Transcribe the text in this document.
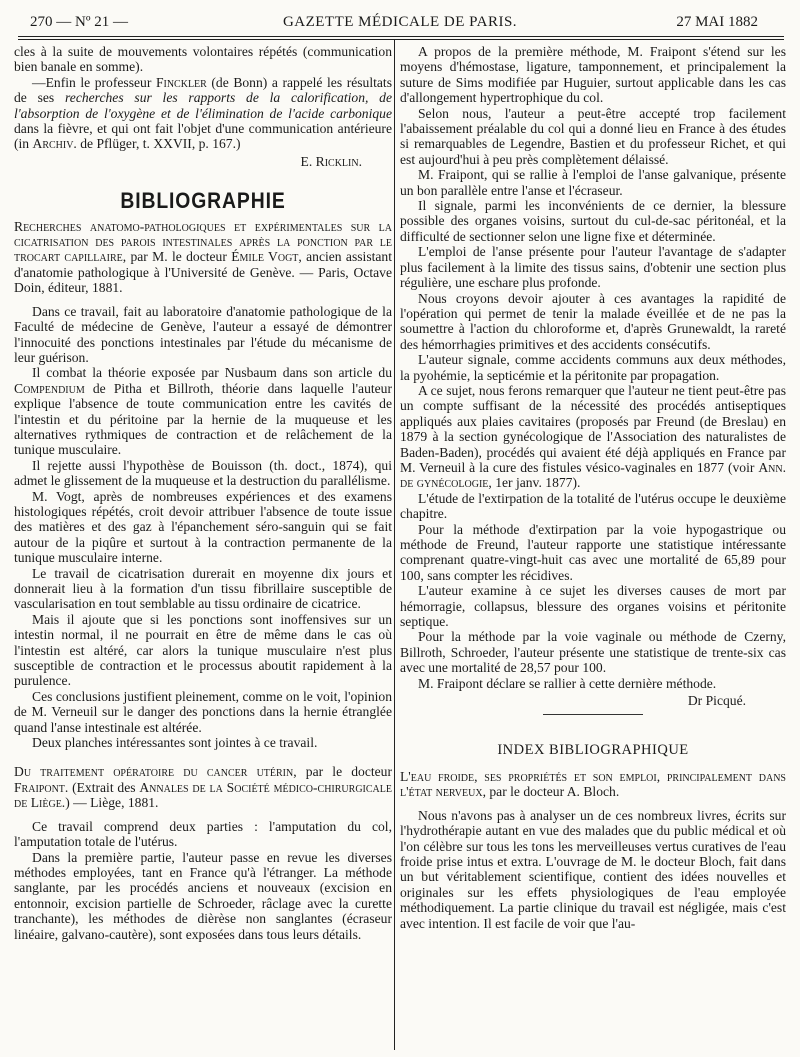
270 — Nº 21 —	GAZETTE MÉDICALE DE PARIS.	27 MAI 1882

cles à la suite de mouvements volontaires répétés (communication bien banale en somme).

—Enfin le professeur Finckler (de Bonn) a rappelé les résultats de ses recherches sur les rapports de la calorification, de l'absorption de l'oxygène et de l'élimination de l'acide carbonique dans la fièvre, et qui ont fait l'objet d'une communication antérieure (in Archiv. de Pflüger, t. XXVII, p. 167.)

E. Ricklin.
BIBLIOGRAPHIE

Recherches anatomo-pathologiques et expérimentales sur la cicatrisation des parois intestinales après la ponction par le trocart capillaire, par M. le docteur Émile Vogt, ancien assistant d'anatomie pathologique à l'Université de Genève. — Paris, Octave Doin, éditeur, 1881.

Dans ce travail, fait au laboratoire d'anatomie pathologique de la Faculté de médecine de Genève, l'auteur a essayé de démontrer l'innocuité des ponctions intestinales par l'étude du mécanisme de leur guérison.

Il combat la théorie exposée par Nusbaum dans son article du Compendium de Pitha et Billroth, théorie dans laquelle l'auteur explique l'absence de toute communication entre les cavités de l'intestin et du péritoine par la hernie de la muqueuse et les alternatives rythmiques de contraction et de relâchement de la tunique musculaire.

Il rejette aussi l'hypothèse de Bouisson (th. doct., 1874), qui admet le glissement de la muqueuse et la destruction du parallélisme.

M. Vogt, après de nombreuses expériences et des examens histologiques répétés, croit devoir attribuer l'absence de toute issue des matières et des gaz à l'épanchement séro-sanguin qui se fait autour de la piqûre et surtout à la contraction permanente de la tunique musculaire interne.

Le travail de cicatrisation durerait en moyenne dix jours et donnerait lieu à la formation d'un tissu fibrillaire susceptible de vascularisation en tout semblable au tissu ordinaire de cicatrice.

Mais il ajoute que si les ponctions sont inoffensives sur un intestin normal, il ne pourrait en être de même dans le cas où l'intestin est altéré, car alors la tunique musculaire n'est plus susceptible de contraction et le processus aboutit rapidement à la purulence.

Ces conclusions justifient pleinement, comme on le voit, l'opinion de M. Verneuil sur le danger des ponctions dans la hernie étranglée quand l'anse intestinale est altérée.

Deux planches intéressantes sont jointes à ce travail.

Du traitement opératoire du cancer utérin, par le docteur Fraipont. (Extrait des Annales de la Société médico-chirurgicale de Liège.) — Liège, 1881.

Ce travail comprend deux parties : l'amputation du col, l'amputation totale de l'utérus.

Dans la première partie, l'auteur passe en revue les diverses méthodes employées, tant en France qu'à l'étranger. La méthode sanglante, par les procédés anciens et nouveaux (excision en entonnoir, excision partielle de Schroeder, râclage avec la curette tranchante), les méthodes de dièrèse non sanglantes (écraseur linéaire, galvano-cautère), sont exposées dans tous leurs détails.

A propos de la première méthode, M. Fraipont s'étend sur les moyens d'hémostase, ligature, tamponnement, et principalement la suture de Sims modifiée par Huguier, surtout applicable dans les cas d'allongement hypertrophique du col.

Selon nous, l'auteur a peut-être accepté trop facilement l'abaissement préalable du col qui a donné lieu en France à des études si remarquables de Legendre, Bastien et du professeur Richet, et qui est aujourd'hui à peu près complètement délaissé.

M. Fraipont, qui se rallie à l'emploi de l'anse galvanique, présente un bon parallèle entre l'anse et l'écraseur.

Il signale, parmi les inconvénients de ce dernier, la blessure possible des organes voisins, surtout du cul-de-sac péritonéal, et la difficulté de sectionner selon une ligne fixe et déterminée.

L'emploi de l'anse présente pour l'auteur l'avantage de s'adapter plus facilement à la limite des tissus sains, d'obtenir une section plus régulière, une eschare plus profonde.

Nous croyons devoir ajouter à ces avantages la rapidité de l'opération qui permet de tenir la malade éveillée et de ne pas la soumettre à l'action du chloroforme et, d'après Grunewaldt, la rareté des hémorrhagies primitives et des accidents consécutifs.

L'auteur signale, comme accidents communs aux deux méthodes, la pyohémie, la septicémie et la péritonite par propagation.

A ce sujet, nous ferons remarquer que l'auteur ne tient peut-être pas un compte suffisant de la nécessité des procédés antiseptiques appliqués aux plaies cavitaires (proposés par Freund (de Breslau) en 1879 à la section gynécologique de l'Association des naturalistes de Baden-Baden), procédés qui avaient été déjà appliqués en France par M. Verneuil à la cure des fistules vésico-vaginales en 1877 (voir Ann. de gynécologie, 1er janv. 1877).

L'étude de l'extirpation de la totalité de l'utérus occupe le deuxième chapitre.

Pour la méthode d'extirpation par la voie hypogastrique ou méthode de Freund, l'auteur rapporte une statistique intéressante comprenant quatre-vingt-huit cas avec une mortalité de 65,89 pour 100, sans compter les récidives.

L'auteur examine à ce sujet les diverses causes de mort par hémorragie, collapsus, blessure des organes voisins et péritonite septique.

Pour la méthode par la voie vaginale ou méthode de Czerny, Billroth, Schroeder, l'auteur présente une statistique de trente-six cas avec une mortalité de 28,57 pour 100.

M. Fraipont déclare se rallier à cette dernière méthode.

Dr Picqué.
INDEX BIBLIOGRAPHIQUE

L'eau froide, ses propriétés et son emploi, principalement dans l'état nerveux, par le docteur A. Bloch.

Nous n'avons pas à analyser un de ces nombreux livres, écrits sur l'hydrothérapie autant en vue des malades que du public médical et où l'on célèbre sur tous les tons les merveilleuses vertus curatives de l'eau froide prise intus et extra. L'ouvrage de M. le docteur Bloch, fait dans un but véritablement scientifique, contient des idées nouvelles et originales sur les effets physiologiques de l'eau employée méthodiquement. La partie clinique du travail est négligée, mais c'est avec intention. Il est facile de voir que l'au-
